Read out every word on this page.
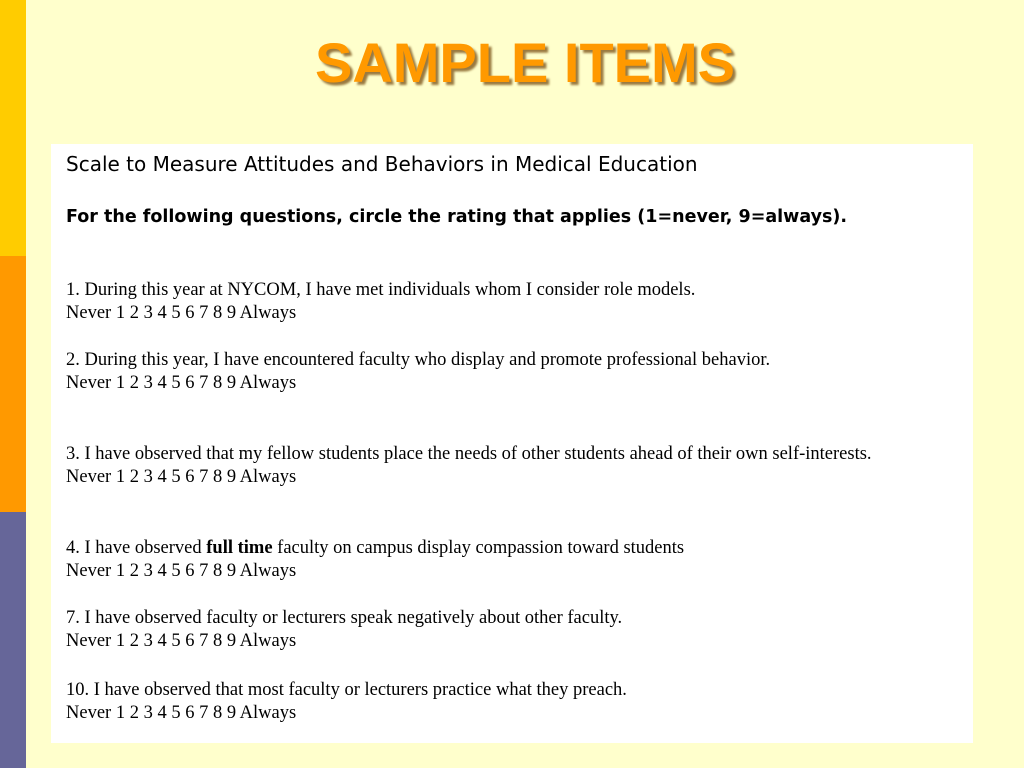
SAMPLE ITEMS
Scale to Measure Attitudes and Behaviors in Medical Education
For the following questions, circle the rating that applies (1=never, 9=always).
1. During this year at NYCOM, I have met individuals whom I consider role models.
Never 1 2 3 4 5 6 7 8 9 Always
2. During this year, I have encountered faculty who display and promote professional behavior.
Never 1 2 3 4 5 6 7 8 9 Always
3. I have observed that my fellow students place the needs of other students ahead of their own self-interests.
Never 1 2 3 4 5 6 7 8 9 Always
4. I have observed full time faculty on campus display compassion toward students
Never 1 2 3 4 5 6 7 8 9 Always
7. I have observed faculty or lecturers speak negatively about other faculty.
Never 1 2 3 4 5 6 7 8 9 Always
10. I have observed that most faculty or lecturers practice what they preach.
Never 1 2 3 4 5 6 7 8 9 Always
